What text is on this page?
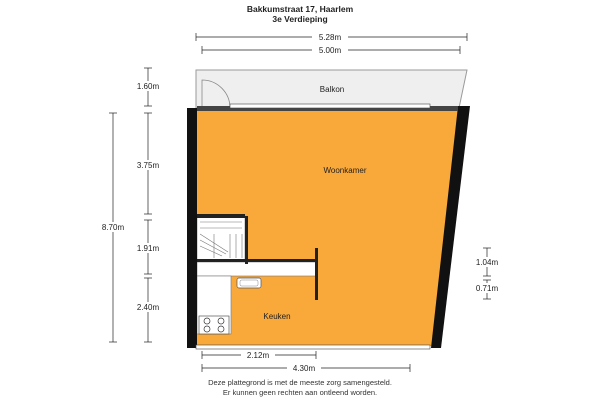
Bakkumstraat 17, Haarlem
3e Verdieping
Balkon
Woonkamer
Keuken
5.28m
5.00m
1.60m
3.75m
1.91m
2.40m
8.70m
1.04m
0.71m
2.12m
4.30m
Deze plattegrond is met de meeste zorg samengesteld.
Er kunnen geen rechten aan ontleend worden.
